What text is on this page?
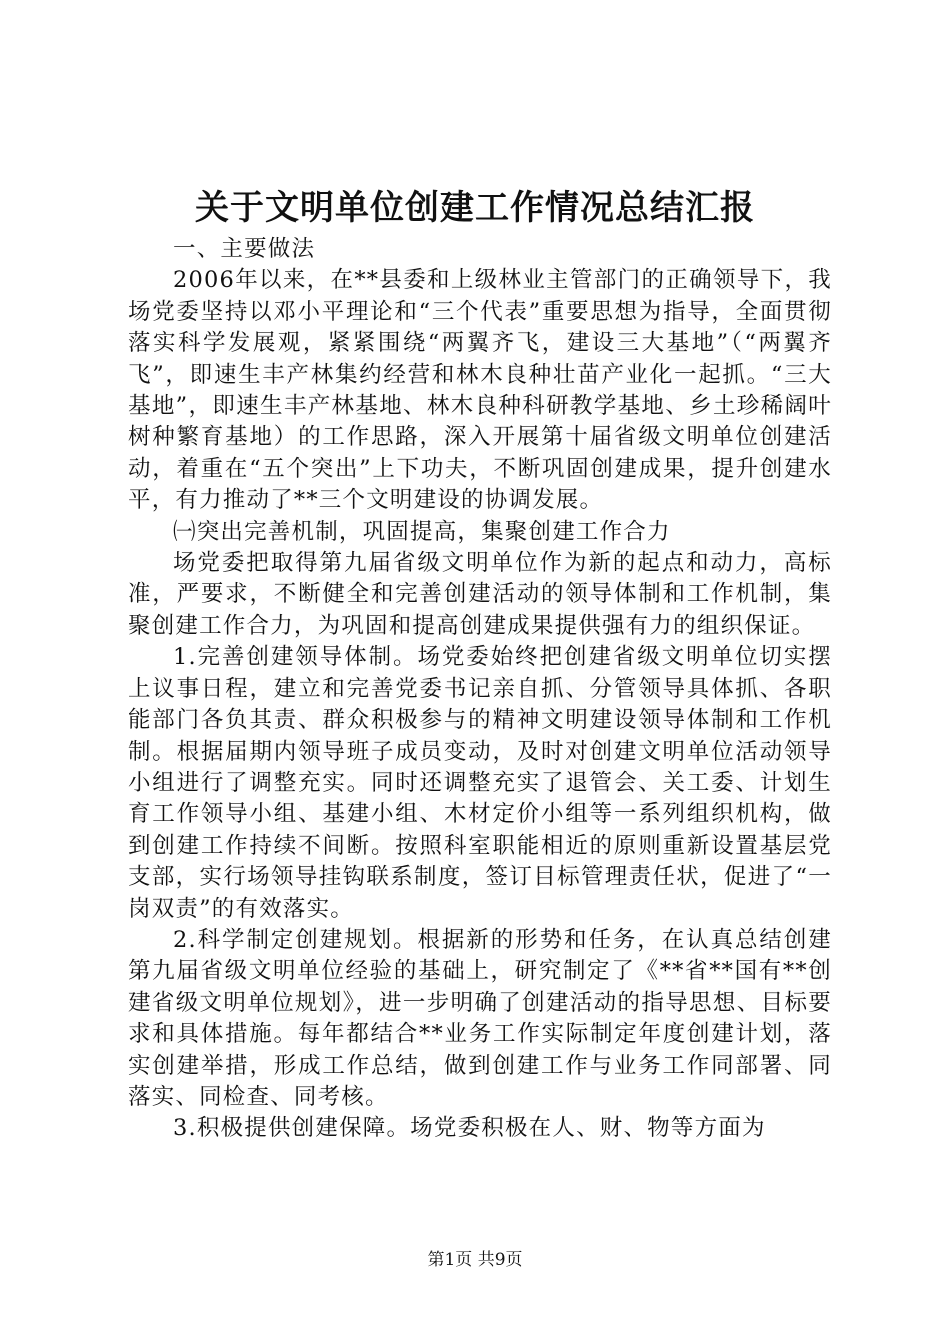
关于文明单位创建工作情况总结汇报

一、主要做法

2006年以来，在**县委和上级林业主管部门的正确领导下，我场党委坚持以邓小平理论和“三个代表”重要思想为指导，全面贯彻落实科学发展观，紧紧围绕“两翼齐飞，建设三大基地”（“两翼齐飞”，即速生丰产林集约经营和林木良种壮苗产业化一起抓。“三大基地”，即速生丰产林基地、林木良种科研教学基地、乡土珍稀阔叶树种繁育基地）的工作思路，深入开展第十届省级文明单位创建活动，着重在“五个突出”上下功夫，不断巩固创建成果，提升创建水平，有力推动了**三个文明建设的协调发展。

㈠突出完善机制，巩固提高，集聚创建工作合力

场党委把取得第九届省级文明单位作为新的起点和动力，高标准，严要求，不断健全和完善创建活动的领导体制和工作机制，集聚创建工作合力，为巩固和提高创建成果提供强有力的组织保证。

1.完善创建领导体制。场党委始终把创建省级文明单位切实摆上议事日程，建立和完善党委书记亲自抓、分管领导具体抓、各职能部门各负其责、群众积极参与的精神文明建设领导体制和工作机制。根据届期内领导班子成员变动，及时对创建文明单位活动领导小组进行了调整充实。同时还调整充实了退管会、关工委、计划生育工作领导小组、基建小组、木材定价小组等一系列组织机构，做到创建工作持续不间断。按照科室职能相近的原则重新设置基层党支部，实行场领导挂钩联系制度，签订目标管理责任状，促进了“一岗双责”的有效落实。

2.科学制定创建规划。根据新的形势和任务，在认真总结创建第九届省级文明单位经验的基础上，研究制定了《**省**国有**创建省级文明单位规划》，进一步明确了创建活动的指导思想、目标要求和具体措施。每年都结合**业务工作实际制定年度创建计划，落实创建举措，形成工作总结，做到创建工作与业务工作同部署、同落实、同检查、同考核。

3.积极提供创建保障。场党委积极在人、财、物等方面为

第1页 共9页
